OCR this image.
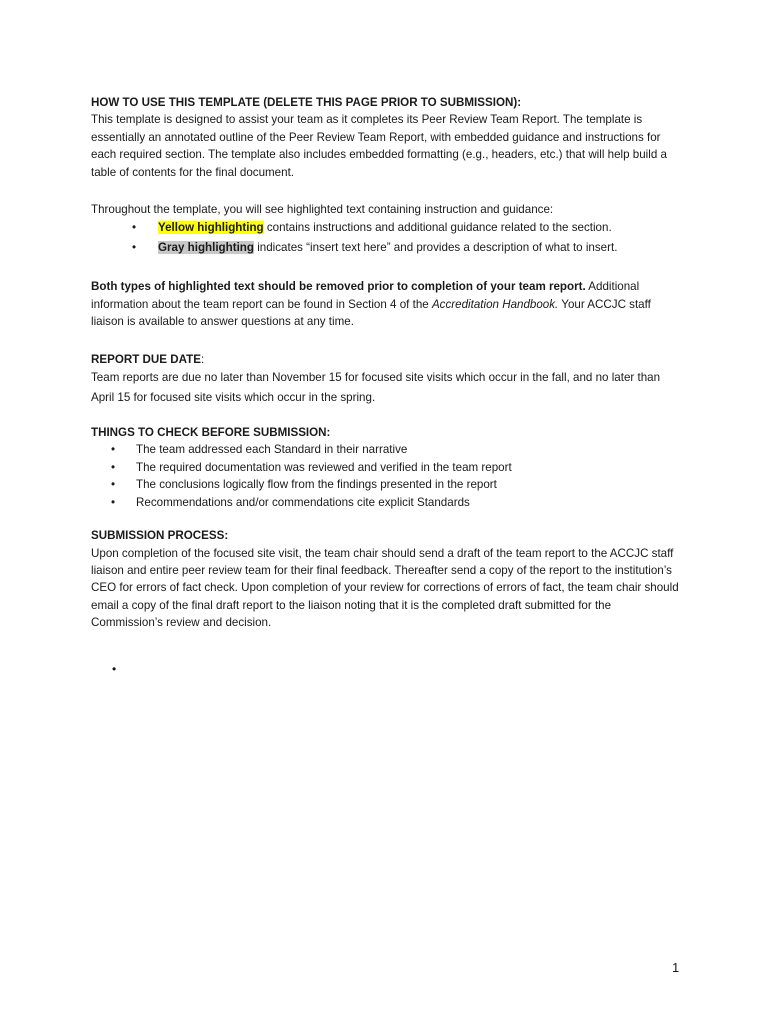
HOW TO USE THIS TEMPLATE (DELETE THIS PAGE PRIOR TO SUBMISSION):

This template is designed to assist your team as it completes its Peer Review Team Report. The template is essentially an annotated outline of the Peer Review Team Report, with embedded guidance and instructions for each required section. The template also includes embedded formatting (e.g., headers, etc.) that will help build a table of contents for the final document.

Throughout the template, you will see highlighted text containing instruction and guidance:

• Yellow highlighting contains instructions and additional guidance related to the section.
• Gray highlighting indicates “insert text here” and provides a description of what to insert.

Both types of highlighted text should be removed prior to completion of your team report. Additional information about the team report can be found in Section 4 of the Accreditation Handbook. Your ACCJC staff liaison is available to answer questions at any time.

REPORT DUE DATE:

Team reports are due no later than November 15 for focused site visits which occur in the fall, and no later than April 15 for focused site visits which occur in the spring.

THINGS TO CHECK BEFORE SUBMISSION:

• The team addressed each Standard in their narrative
• The required documentation was reviewed and verified in the team report
• The conclusions logically flow from the findings presented in the report
• Recommendations and/or commendations cite explicit Standards

SUBMISSION PROCESS:

Upon completion of the focused site visit, the team chair should send a draft of the team report to the ACCJC staff liaison and entire peer review team for their final feedback. Thereafter send a copy of the report to the institution’s CEO for errors of fact check. Upon completion of your review for corrections of errors of fact, the team chair should email a copy of the final draft report to the liaison noting that it is the completed draft submitted for the Commission’s review and decision.

•
1
